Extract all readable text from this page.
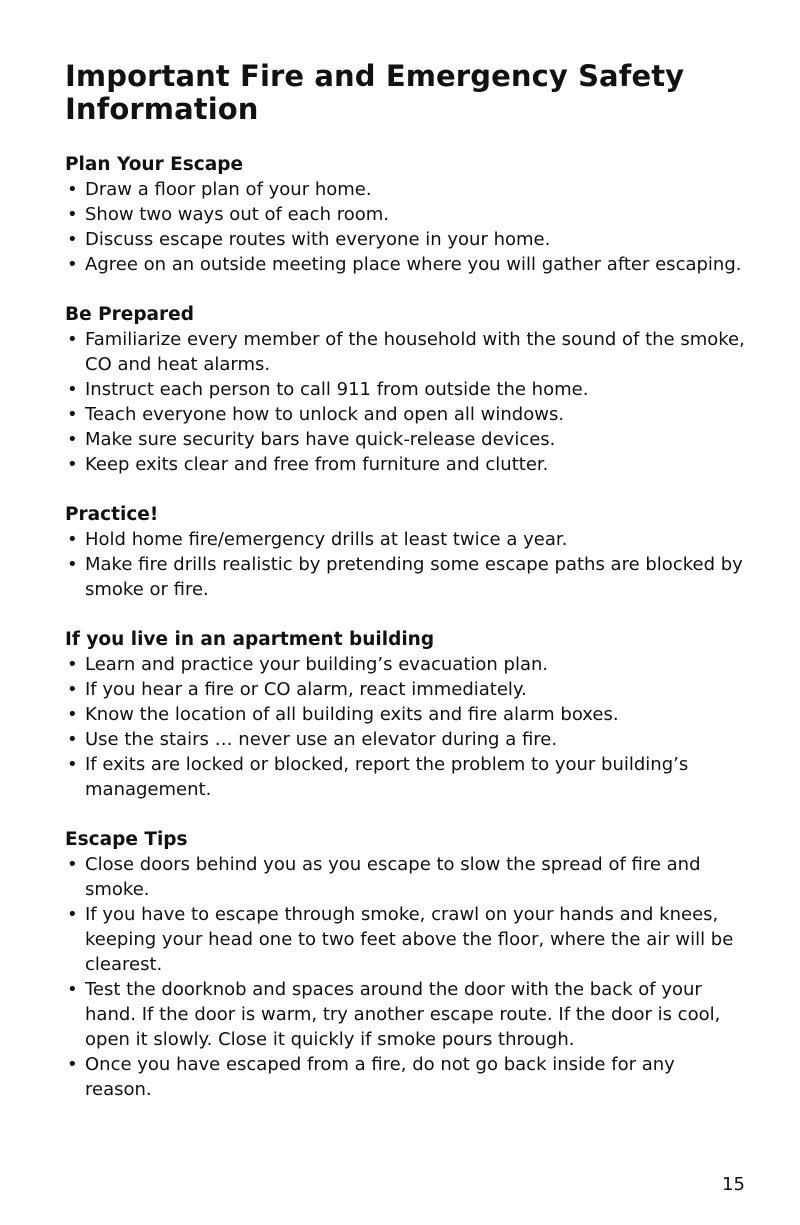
Important Fire and Emergency Safety Information
Plan Your Escape
• Draw a floor plan of your home.
• Show two ways out of each room.
• Discuss escape routes with everyone in your home.
• Agree on an outside meeting place where you will gather after escaping.
Be Prepared
• Familiarize every member of the household with the sound of the smoke, CO and heat alarms.
• Instruct each person to call 911 from outside the home.
• Teach everyone how to unlock and open all windows.
• Make sure security bars have quick-release devices.
• Keep exits clear and free from furniture and clutter.
Practice!
• Hold home fire/emergency drills at least twice a year.
• Make fire drills realistic by pretending some escape paths are blocked by smoke or fire.
If you live in an apartment building
• Learn and practice your building’s evacuation plan.
• If you hear a fire or CO alarm, react immediately.
• Know the location of all building exits and fire alarm boxes.
• Use the stairs … never use an elevator during a fire.
• If exits are locked or blocked, report the problem to your building’s management.
Escape Tips
• Close doors behind you as you escape to slow the spread of fire and smoke.
• If you have to escape through smoke, crawl on your hands and knees, keeping your head one to two feet above the floor, where the air will be clearest.
• Test the doorknob and spaces around the door with the back of your hand. If the door is warm, try another escape route. If the door is cool, open it slowly. Close it quickly if smoke pours through.
• Once you have escaped from a fire, do not go back inside for any reason.
15
